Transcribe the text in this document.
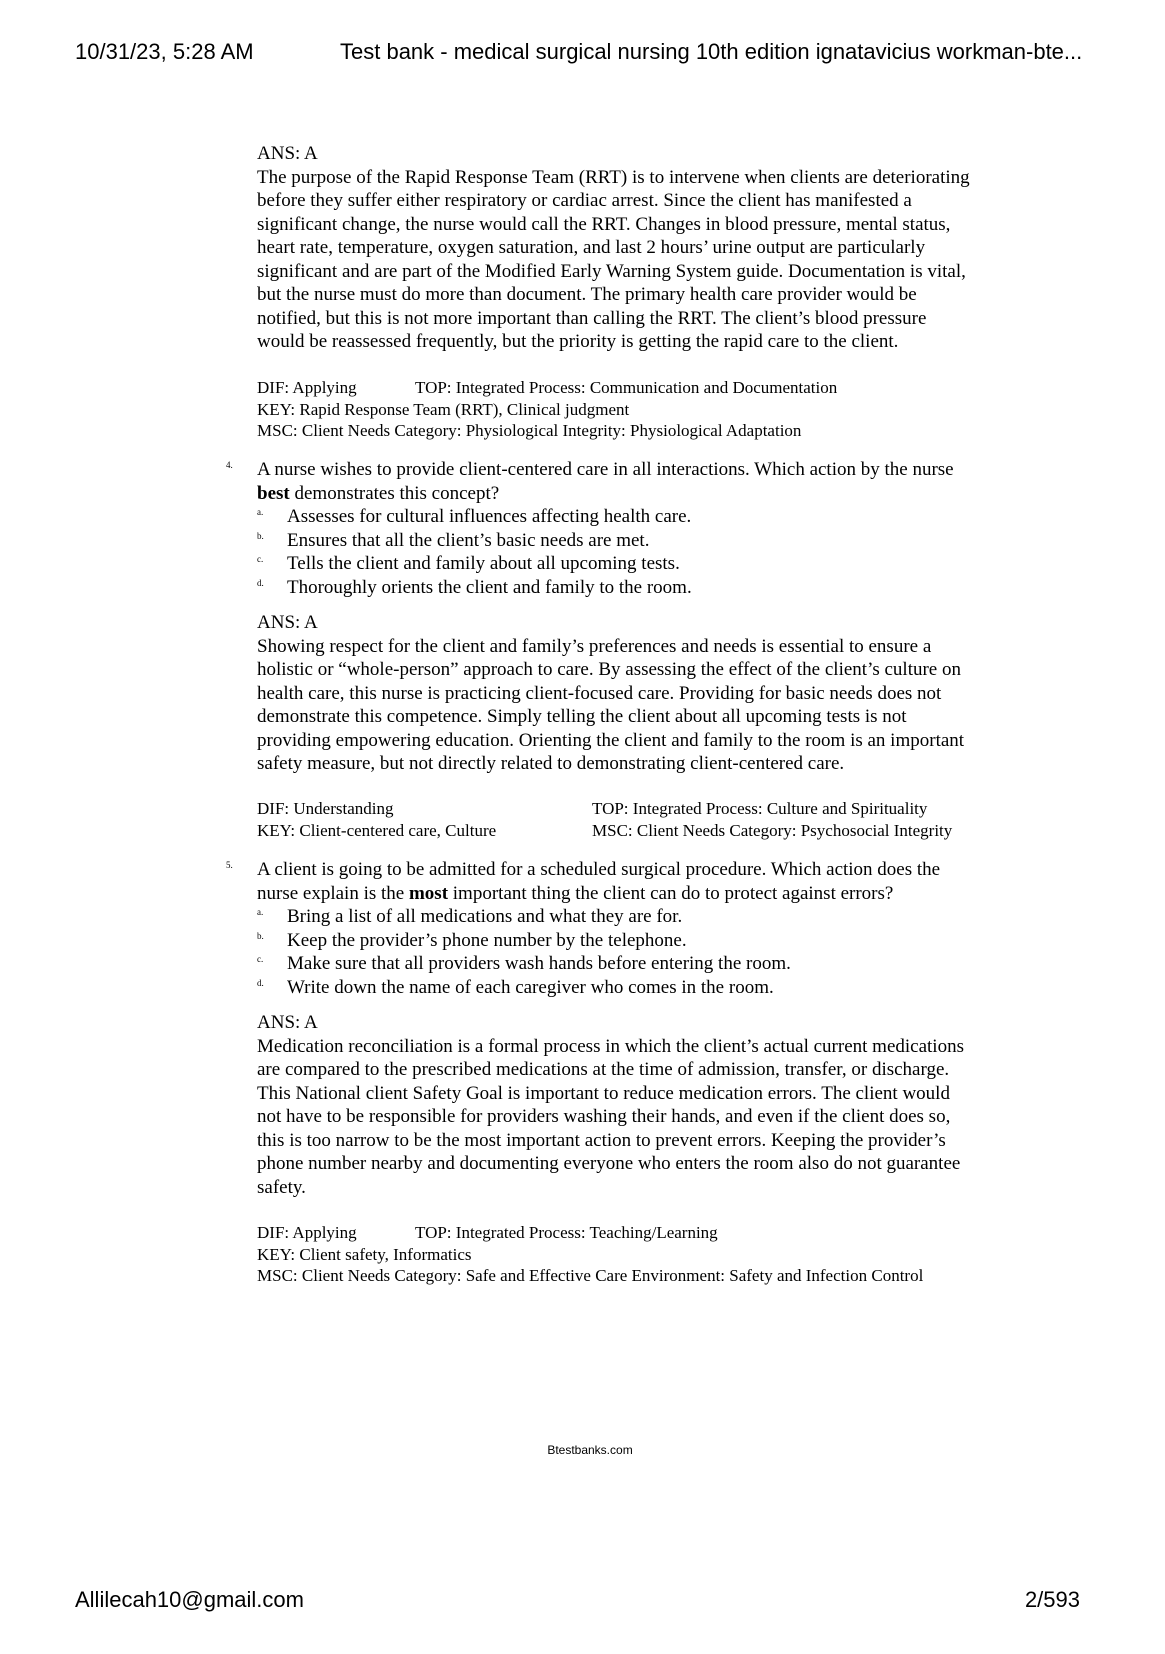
10/31/23, 5:28 AM	Test bank - medical surgical nursing 10th edition ignatavicius workman-bte...
ANS: A
The purpose of the Rapid Response Team (RRT) is to intervene when clients are deteriorating
before they suffer either respiratory or cardiac arrest. Since the client has manifested a
significant change, the nurse would call the RRT. Changes in blood pressure, mental status,
heart rate, temperature, oxygen saturation, and last 2 hours’ urine output are particularly
significant and are part of the Modified Early Warning System guide. Documentation is vital,
but the nurse must do more than document. The primary health care provider would be
notified, but this is not more important than calling the RRT. The client’s blood pressure
would be reassessed frequently, but the priority is getting the rapid care to the client.
DIF: Applying	TOP: Integrated Process: Communication and Documentation
KEY: Rapid Response Team (RRT), Clinical judgment
MSC: Client Needs Category: Physiological Integrity: Physiological Adaptation
4. A nurse wishes to provide client-centered care in all interactions. Which action by the nurse
best demonstrates this concept?
a. Assesses for cultural influences affecting health care.
b. Ensures that all the client’s basic needs are met.
c. Tells the client and family about all upcoming tests.
d. Thoroughly orients the client and family to the room.
ANS: A
Showing respect for the client and family’s preferences and needs is essential to ensure a
holistic or “whole-person” approach to care. By assessing the effect of the client’s culture on
health care, this nurse is practicing client-focused care. Providing for basic needs does not
demonstrate this competence. Simply telling the client about all upcoming tests is not
providing empowering education. Orienting the client and family to the room is an important
safety measure, but not directly related to demonstrating client-centered care.
DIF: Understanding	TOP: Integrated Process: Culture and Spirituality
KEY: Client-centered care, Culture	MSC: Client Needs Category: Psychosocial Integrity
5. A client is going to be admitted for a scheduled surgical procedure. Which action does the
nurse explain is the most important thing the client can do to protect against errors?
a. Bring a list of all medications and what they are for.
b. Keep the provider’s phone number by the telephone.
c. Make sure that all providers wash hands before entering the room.
d. Write down the name of each caregiver who comes in the room.
ANS: A
Medication reconciliation is a formal process in which the client’s actual current medications
are compared to the prescribed medications at the time of admission, transfer, or discharge.
This National client Safety Goal is important to reduce medication errors. The client would
not have to be responsible for providers washing their hands, and even if the client does so,
this is too narrow to be the most important action to prevent errors. Keeping the provider’s
phone number nearby and documenting everyone who enters the room also do not guarantee
safety.
DIF: Applying	TOP: Integrated Process: Teaching/Learning
KEY: Client safety, Informatics
MSC: Client Needs Category: Safe and Effective Care Environment: Safety and Infection Control
Btestbanks.com
Allilecah10@gmail.com	2/593
